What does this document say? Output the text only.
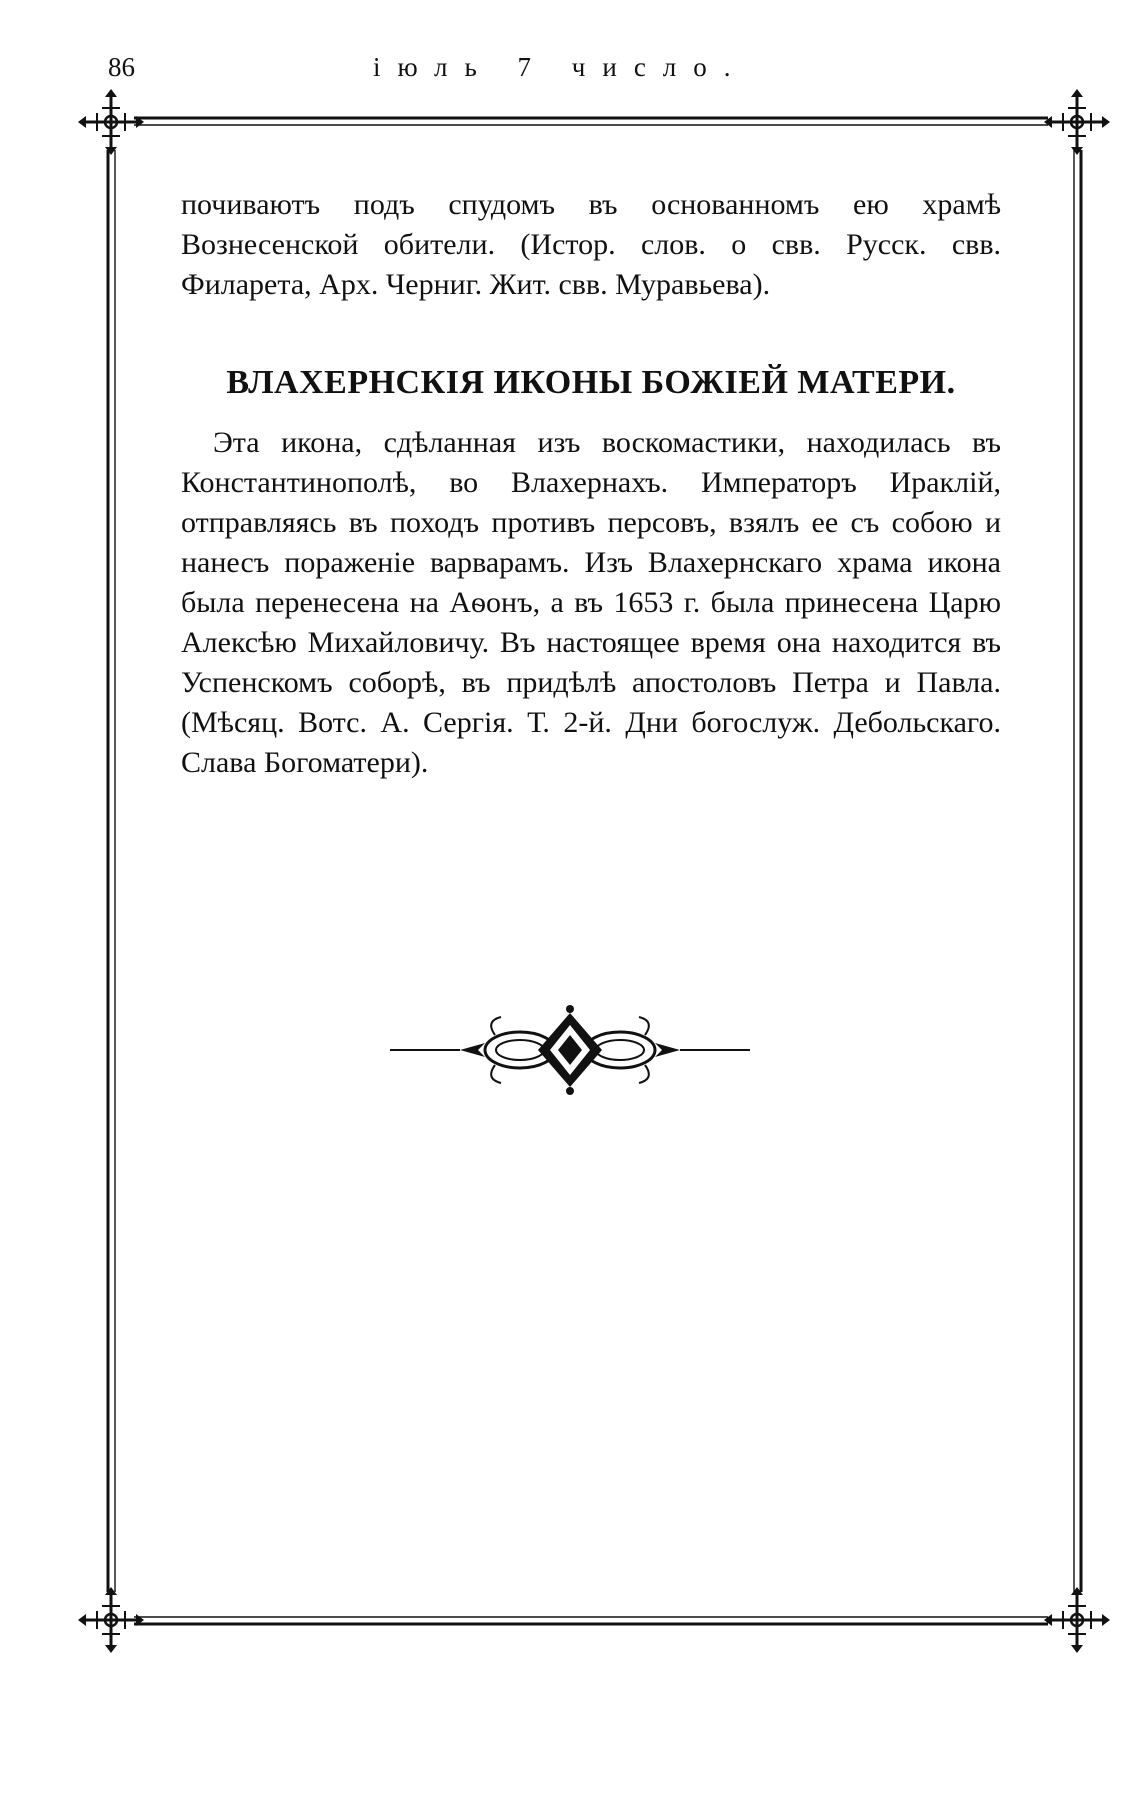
86	іюль 7 число.

почиваютъ подъ спудомъ въ основанномъ ею храмѣ Вознесенской обители. (Истор. слов. о свв. Русск. свв. Филарета, Арх. Черниг. Жит. свв. Муравьева).

ВЛАХЕРНСКІЯ ИКОНЫ БОЖІЕЙ МАТЕРИ.

Эта икона, сдѣланная изъ воскомастики, находилась въ Константинополѣ, во Влахернахъ. Императоръ Ираклій, отправляясь въ походъ противъ персовъ, взялъ ее съ собою и нанесъ пораженіе варварамъ. Изъ Влахернскаго храма икона была перенесена на Аѳонъ, а въ 1653 г. была принесена Царю Алексѣю Михайловичу. Въ настоящее время она находится въ Успенскомъ соборѣ, въ придѣлѣ апостоловъ Петра и Павла. (Мѣсяц. Вотс. А. Сергія. Т. 2-й. Дни богослуж. Дебольскаго. Слава Богоматери).
